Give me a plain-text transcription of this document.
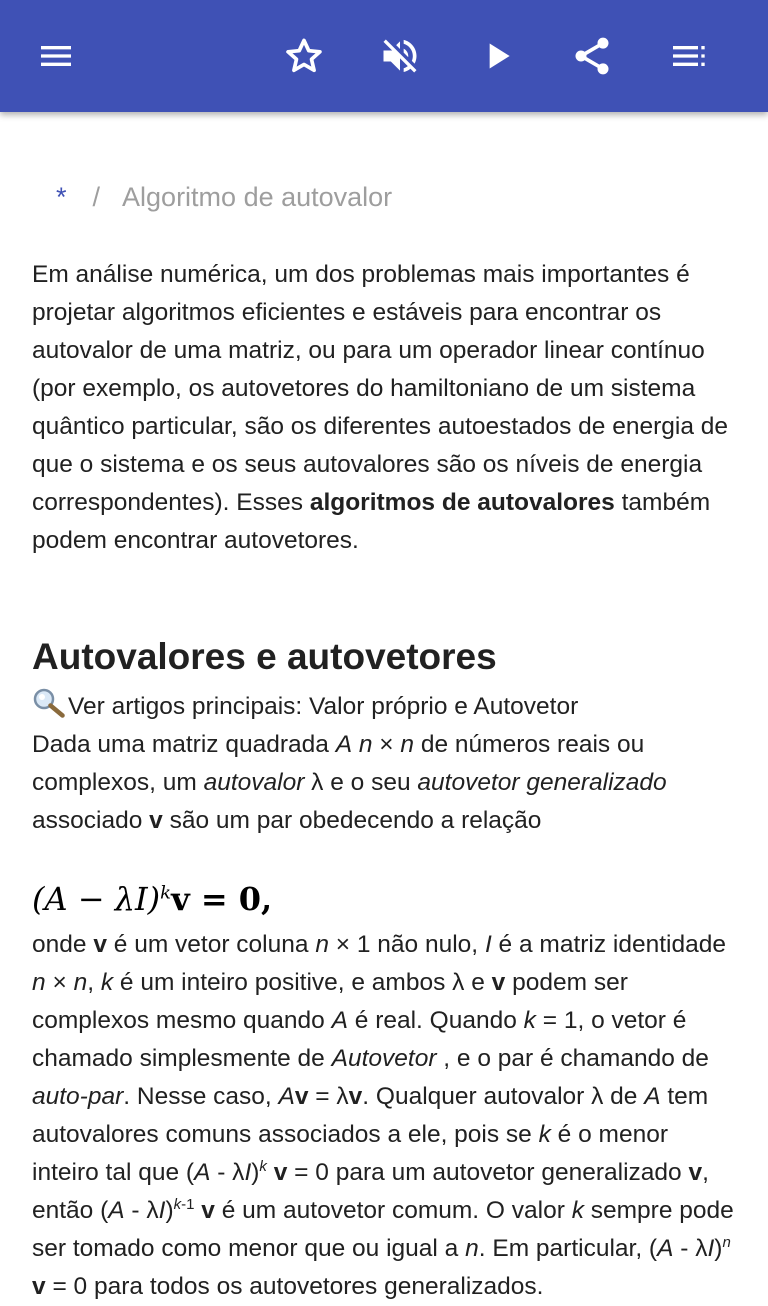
* / Algoritmo de autovalor

Em análise numérica, um dos problemas mais importantes é projetar algoritmos eficientes e estáveis para encontrar os autovalor de uma matriz, ou para um operador linear contínuo (por exemplo, os autovetores do hamiltoniano de um sistema quântico particular, são os diferentes autoestados de energia de que o sistema e os seus autovalores são os níveis de energia correspondentes). Esses algoritmos de autovalores também podem encontrar autovetores.

Autovalores e autovetores

Ver artigos principais: Valor próprio e Autovetor

Dada uma matriz quadrada A n × n de números reais ou complexos, um autovalor λ e o seu autovetor generalizado associado v são um par obedecendo a relação

$(A - \lambda I)^kv = 0$,

onde v é um vetor coluna n × 1 não nulo, I é a matriz identidade n × n, k é um inteiro positive, e ambos λ e v podem ser complexos mesmo quando A é real. Quando k = 1, o vetor é chamado simplesmente de Autovetor , e o par é chamando de auto-par. Nesse caso, Av = λv. Qualquer autovalor λ de A tem autovalores comuns associados a ele, pois se k é o menor inteiro tal que (A - λI)$^k$ v = 0 para um autovetor generalizado v, então (A - λI)$^{k-1}$ v é um autovetor comum. O valor k sempre pode ser tomado como menor que ou igual a n. Em particular, (A - λI)$^n$ v = 0 para todos os autovetores generalizados.
